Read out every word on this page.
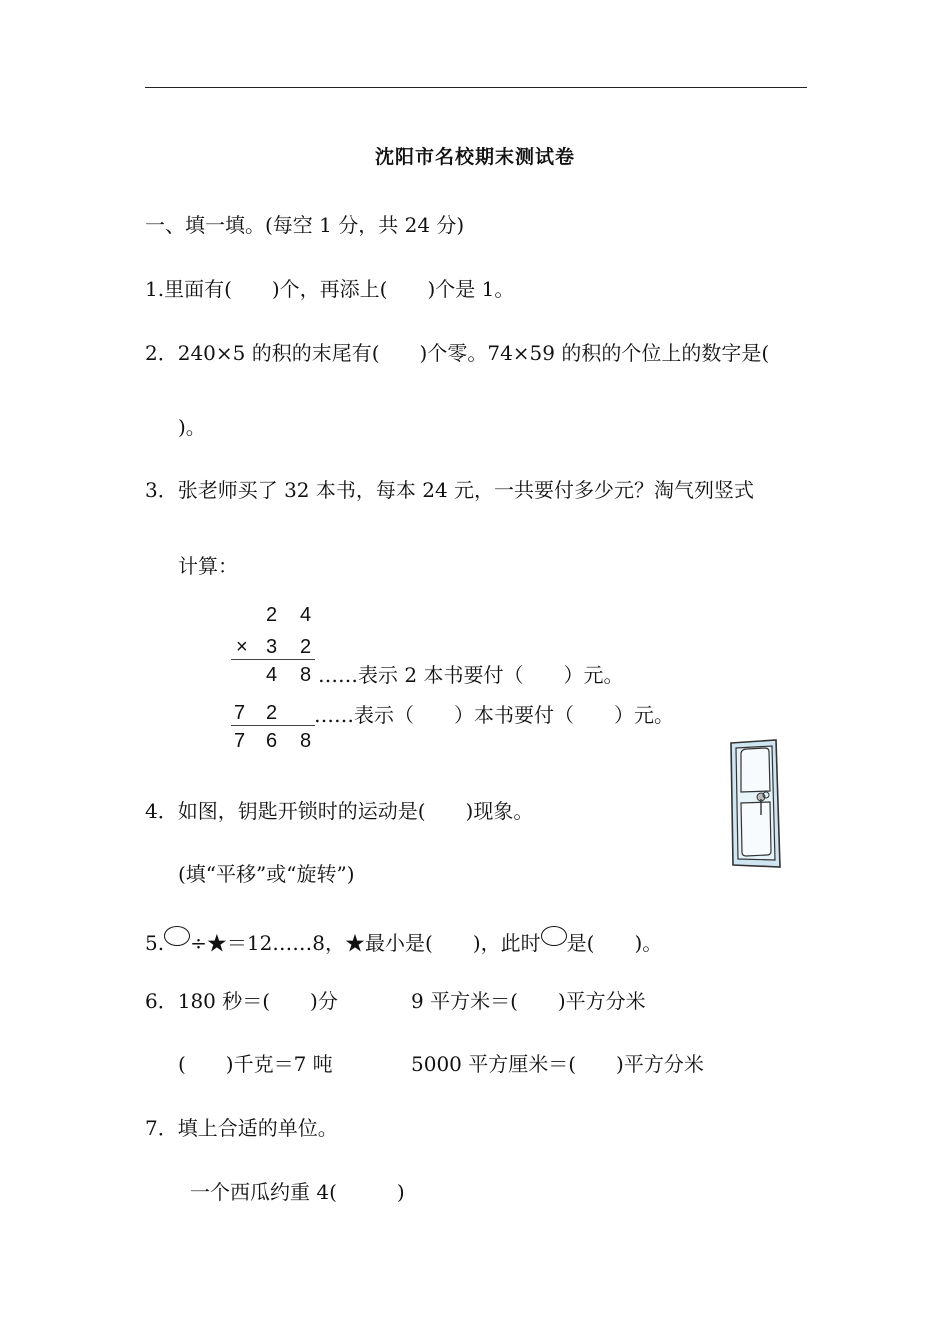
沈阳市名校期末测试卷
一、填一填。(每空 1 分，共 24 分)
1.里面有(　　)个，再添上(　　)个是 1。
2．240×5 的积的末尾有(　　)个零。74×59 的积的个位上的数字是(
)。
3．张老师买了 32 本书，每本 24 元，一共要付多少元？淘气列竖式
计算：
2 4
× 3 2
4 8
7 2
7 6 8
……表示 2 本书要付（　　）元。
……表示（　　）本书要付（　　）元。
4．如图，钥匙开锁时的运动是(　　)现象。
(填“平移”或“旋转”)
5. ÷★＝12……8，★最小是(　　)，此时 是(　　)。
6．180 秒＝(　　)分	9 平方米＝(　　)平方分米
(　　)千克＝7 吨	5000 平方厘米＝(　　)平方分米
7．填上合适的单位。
一个西瓜约重 4(　　　)
